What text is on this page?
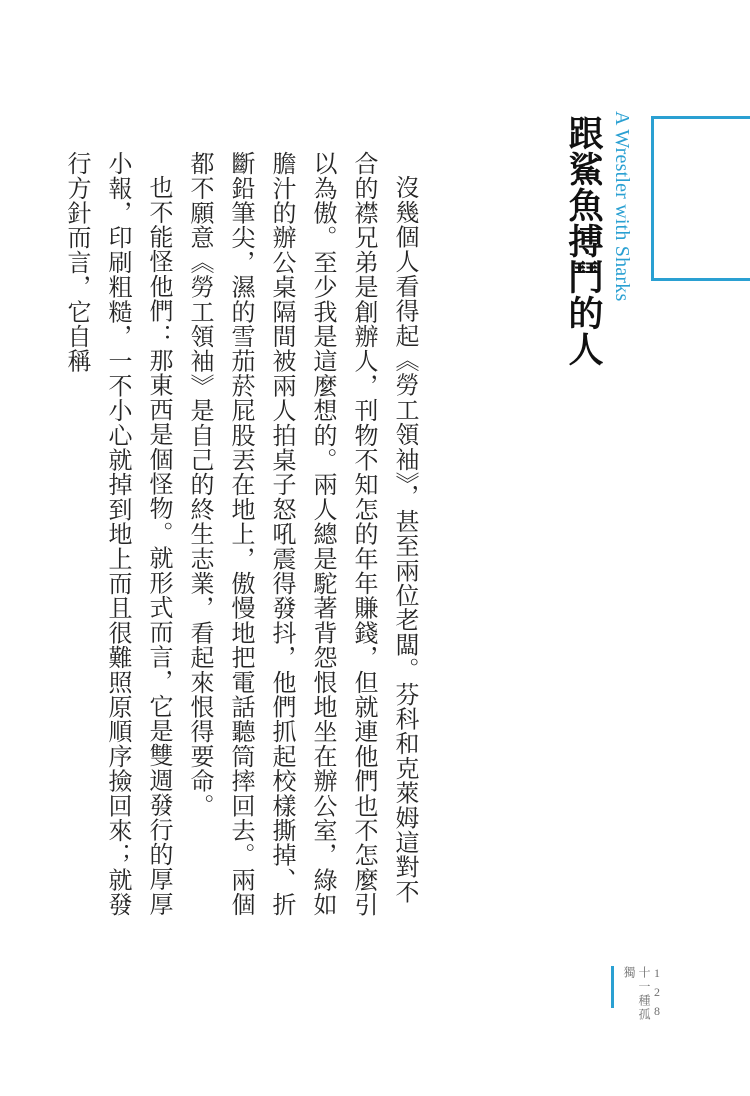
A Wrestler with Sharks
跟鯊魚搏鬥的人

沒幾個人看得起《勞工領袖》，甚至兩位老闆。芬科和克萊姆這對不合的襟兄弟是創辦人，刊物不知怎的年年賺錢，但就連他們也不怎麼引以為傲。至少我是這麼想的。兩人總是駝著背怨恨地坐在辦公室，綠如膽汁的辦公桌隔間被兩人拍桌子怒吼震得發抖，他們抓起校樣撕掉、折斷鉛筆尖，濕的雪茄菸屁股丟在地上，傲慢地把電話聽筒摔回去。兩個都不願意《勞工領袖》是自己的終生志業，看起來恨得要命。

也不能怪他們：那東西是個怪物。就形式而言，它是雙週發行的厚厚小報，印刷粗糙，一不小心就掉到地上而且很難照原順序撿回來；就發行方針而言，它自稱

十一種孤獨	128
